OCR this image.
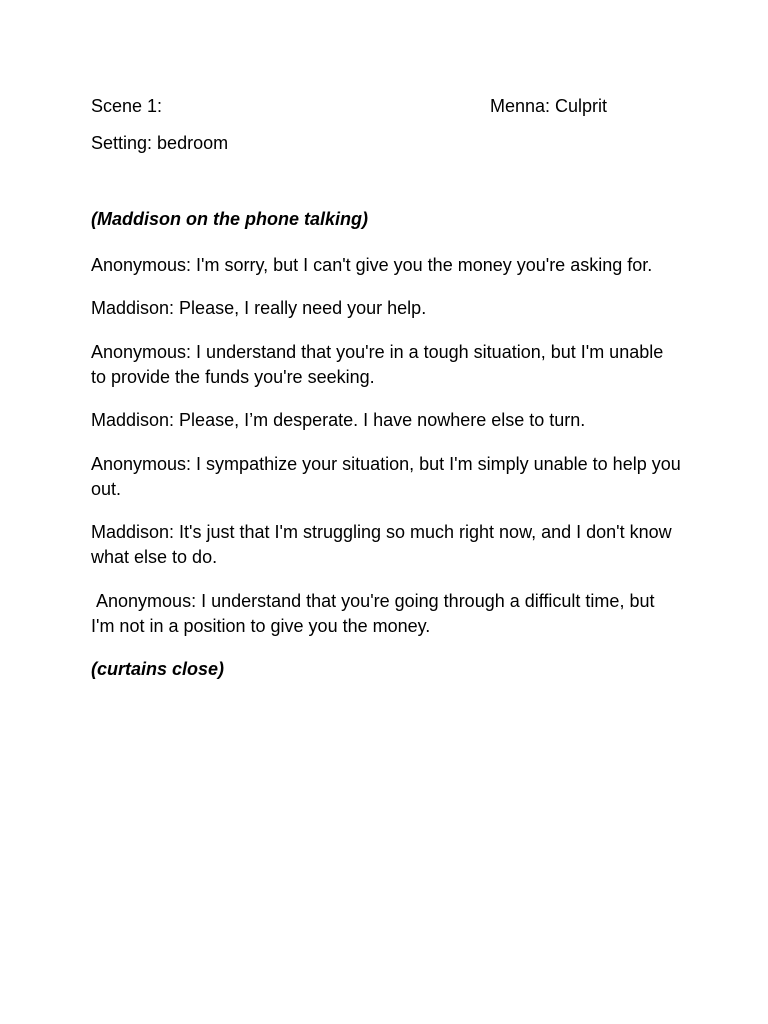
Scene 1:	Menna: Culprit

Setting: bedroom

(Maddison on the phone talking)

Anonymous: I'm sorry, but I can't give you the money you're asking for.

Maddison: Please, I really need your help.

Anonymous: I understand that you're in a tough situation, but I'm unable to provide the funds you're seeking.

Maddison: Please, I’m desperate. I have nowhere else to turn.

Anonymous: I sympathize your situation, but I'm simply unable to help you out.

Maddison: It's just that I'm struggling so much right now, and I don't know what else to do.

Anonymous: I understand that you're going through a difficult time, but I'm not in a position to give you the money.

(curtains close)
